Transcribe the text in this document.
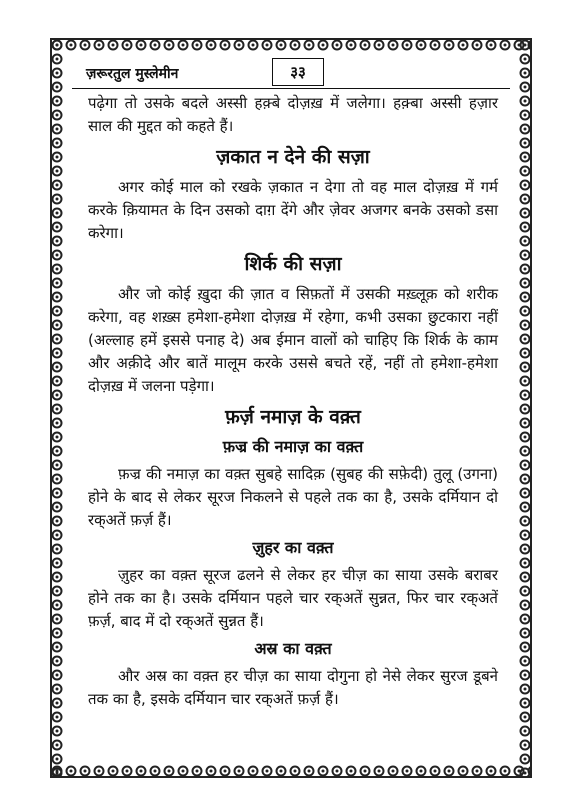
ज़रूरतुल मुस्लेमीन	३३

पढ़ेगा तो उसके बदले अस्सी हक़्बे दोज़ख़ में जलेगा। हक़्बा अस्सी हज़ार साल की मुद्दत को कहते हैं।

ज़कात न देने की सज़ा

अगर कोई माल को रखके ज़कात न देगा तो वह माल दोज़ख़ में गर्म करके क़ियामत के दिन उसको दाग़ देंगे और ज़ेवर अजगर बनके उसको डसा करेगा।

शिर्क की सज़ा

और जो कोई ख़ुदा की ज़ात व सिफ़तों में उसकी मख़्लूक़ को शरीक करेगा, वह शख़्स हमेशा-हमेशा दोज़ख़ में रहेगा, कभी उसका छुटकारा नहीं (अल्लाह हमें इससे पनाह दे) अब ईमान वालों को चाहिए कि शिर्क के काम और अक़ीदे और बातें मालूम करके उससे बचते रहें, नहीं तो हमेशा-हमेशा दोज़ख़ में जलना पड़ेगा।

फ़र्ज़ नमाज़ के वक़्त
फ़ज्र की नमाज़ का वक़्त

फ़ज्र की नमाज़ का वक़्त सुबहे सादिक़ (सुबह की सफ़ेदी) तुलू (उगना) होने के बाद से लेकर सूरज निकलने से पहले तक का है, उसके दर्मियान दो रक्अतें फ़र्ज़ हैं।

ज़ुहर का वक़्त

ज़ुहर का वक़्त सूरज ढलने से लेकर हर चीज़ का साया उसके बराबर होने तक का है। उसके दर्मियान पहले चार रक्अतें सुन्नत, फिर चार रक्अतें फ़र्ज़, बाद में दो रक्अतें सुन्नत हैं।

अस्र का वक़्त

और अस्र का वक़्त हर चीज़ का साया दोगुना हो नेसे लेकर सुरज डूबने तक का है, इसके दर्मियान चार रक्अतें फ़र्ज़ हैं।
